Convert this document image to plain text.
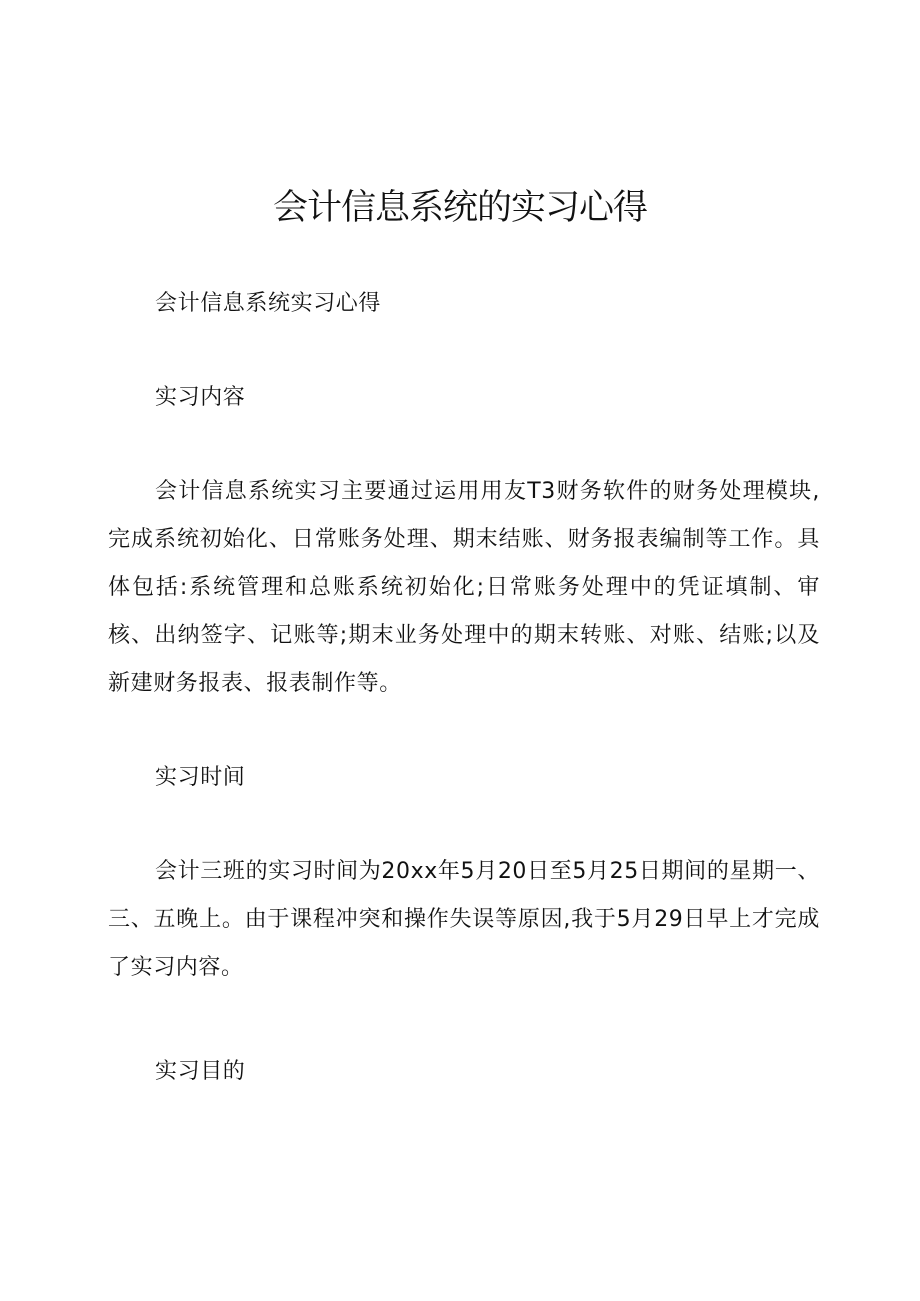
会计信息系统的实习心得

会计信息系统实习心得

实习内容

会计信息系统实习主要通过运用用友T3财务软件的财务处理模块,完成系统初始化、日常账务处理、期末结账、财务报表编制等工作。具体包括:系统管理和总账系统初始化;日常账务处理中的凭证填制、审核、出纳签字、记账等;期末业务处理中的期末转账、对账、结账;以及新建财务报表、报表制作等。

实习时间

会计三班的实习时间为20xx年5月20日至5月25日期间的星期一、三、五晚上。由于课程冲突和操作失误等原因,我于5月29日早上才完成了实习内容。

实习目的
